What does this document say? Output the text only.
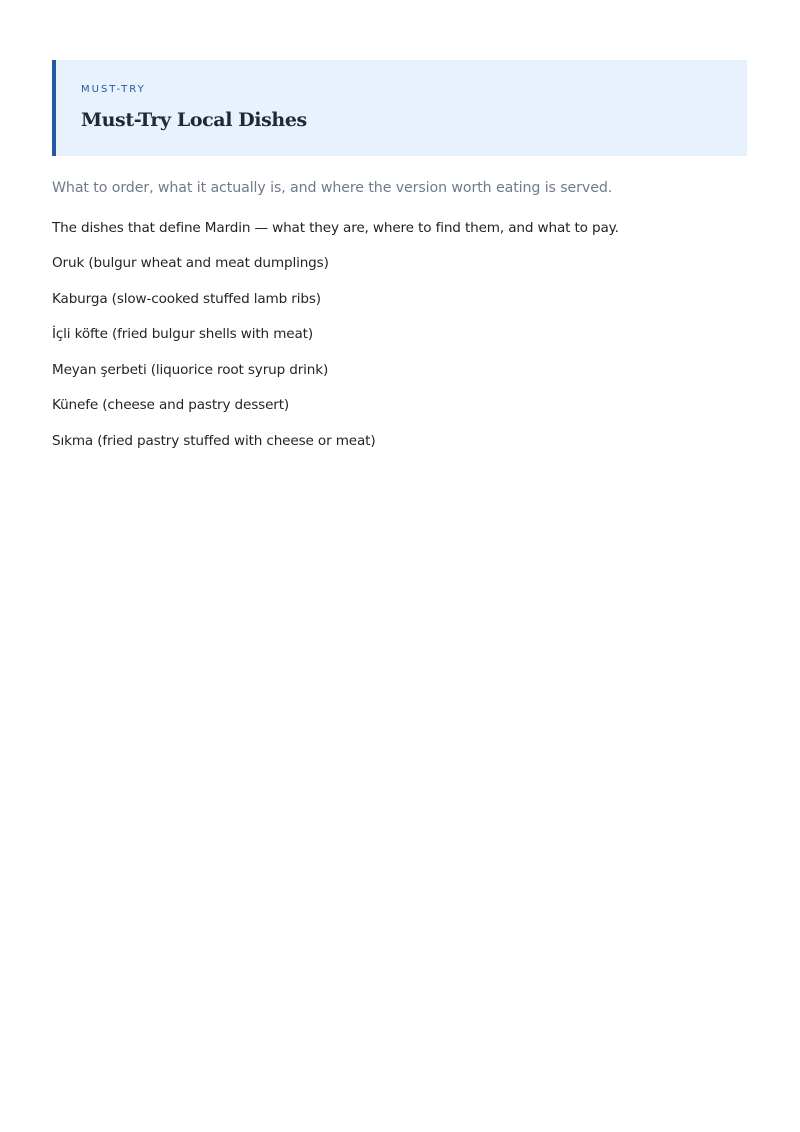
MUST-TRY

Must-Try Local Dishes

What to order, what it actually is, and where the version worth eating is served.

The dishes that define Mardin — what they are, where to find them, and what to pay.

Oruk (bulgur wheat and meat dumplings)
Kaburga (slow-cooked stuffed lamb ribs)
İçli köfte (fried bulgur shells with meat)
Meyan şerbeti (liquorice root syrup drink)
Künefe (cheese and pastry dessert)
Sıkma (fried pastry stuffed with cheese or meat)
